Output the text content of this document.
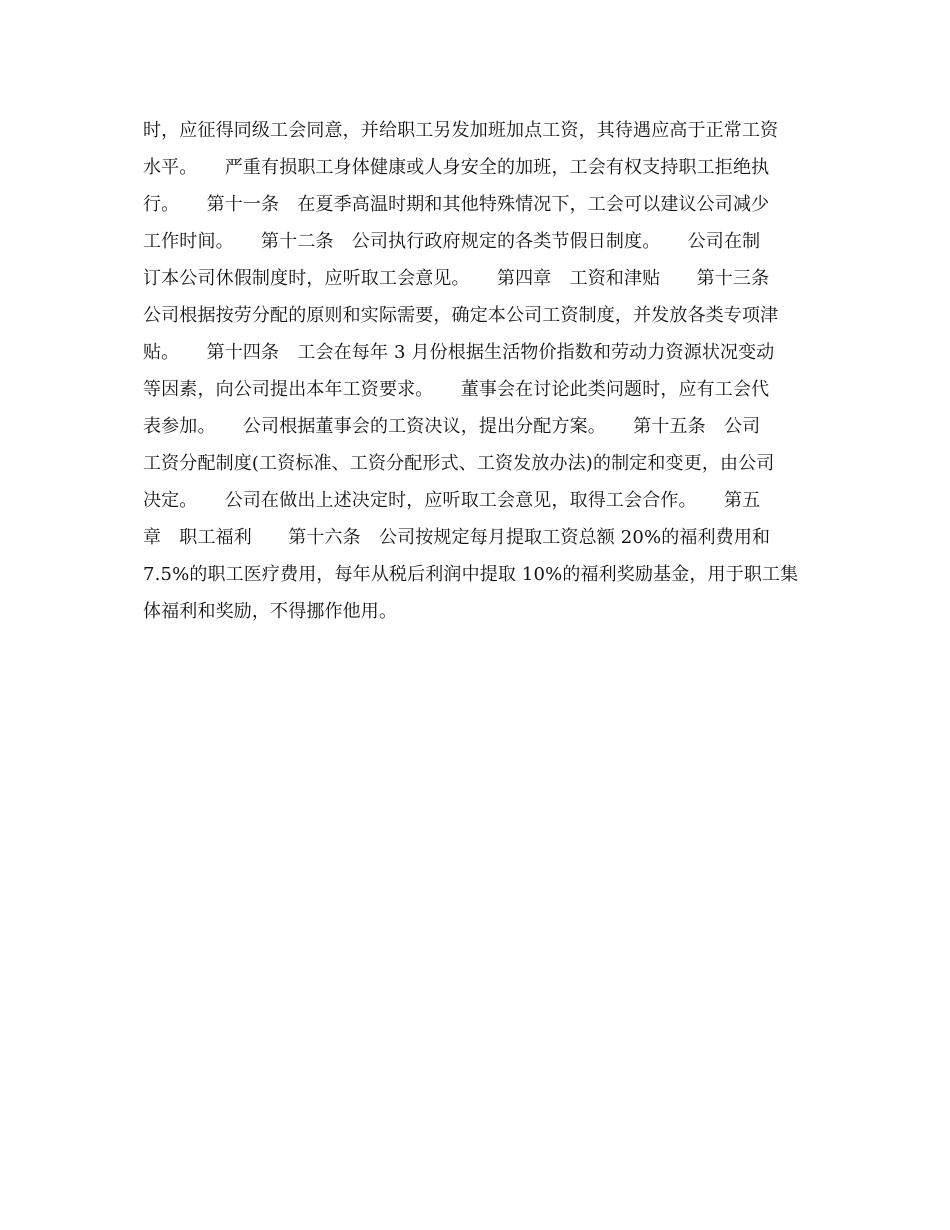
时，应征得同级工会同意，并给职工另发加班加点工资，其待遇应高于正常工资
水平。　　严重有损职工身体健康或人身安全的加班，工会有权支持职工拒绝执
行。　　第十一条　在夏季高温时期和其他特殊情况下，工会可以建议公司减少
工作时间。　　第十二条　公司执行政府规定的各类节假日制度。　　公司在制
订本公司休假制度时，应听取工会意见。　　第四章　工资和津贴　　第十三条
公司根据按劳分配的原则和实际需要，确定本公司工资制度，并发放各类专项津
贴。　　第十四条　工会在每年 3 月份根据生活物价指数和劳动力资源状况变动
等因素，向公司提出本年工资要求。　　董事会在讨论此类问题时，应有工会代
表参加。　　公司根据董事会的工资决议，提出分配方案。　　第十五条　公司
工资分配制度(工资标准、工资分配形式、工资发放办法)的制定和变更，由公司
决定。　　公司在做出上述决定时，应听取工会意见，取得工会合作。　　第五
章　职工福利　　第十六条　公司按规定每月提取工资总额 20%的福利费用和
7.5%的职工医疗费用，每年从税后利润中提取 10%的福利奖励基金，用于职工集
体福利和奖励，不得挪作他用。
